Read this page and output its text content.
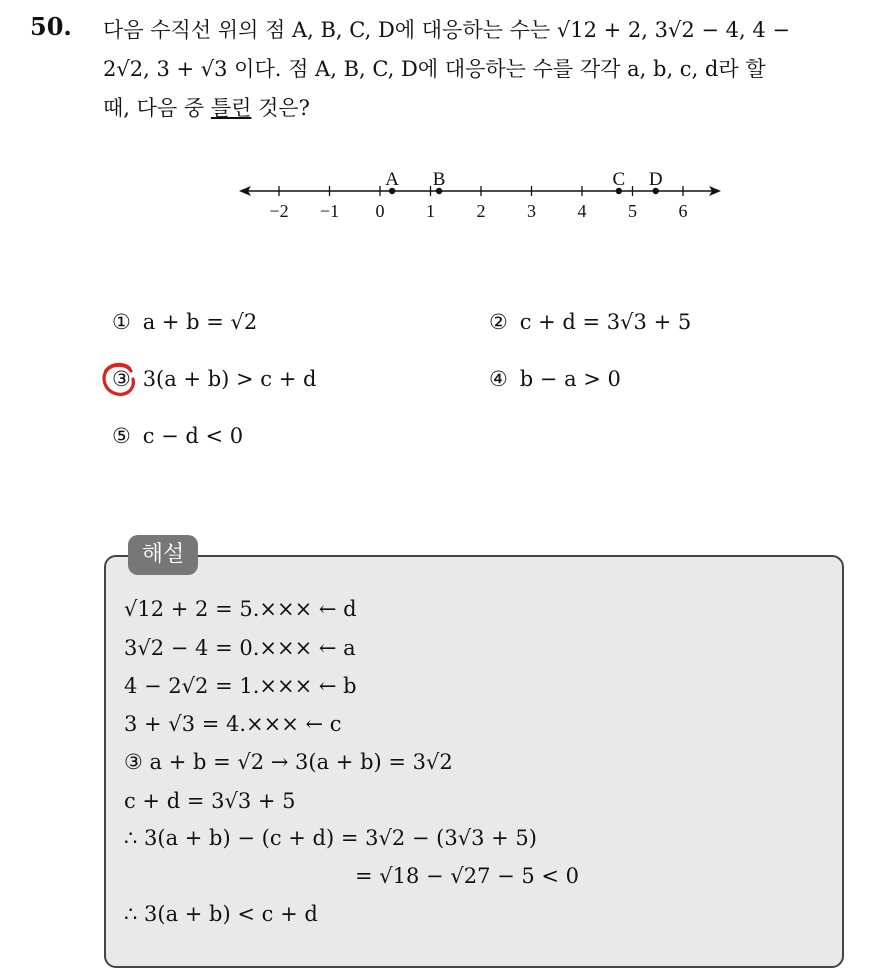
50. 다음 수직선 위의 점 A, B, C, D에 대응하는 수는 √12 + 2, 3√2 − 4, 4 −
2√2, 3 + √3 이다. 점 A, B, C, D에 대응하는 수를 각각 a, b, c, d라 할
때, 다음 중 틀린 것은?
−2 −1 0 1 2 3 4 5 6
A B	C D
① a + b = √2	② c + d = 3√3 + 5
③ 3(a + b) > c + d	④ b − a > 0
⑤ c − d < 0
해설
√12 + 2 = 5.××× ← d
3√2 − 4 = 0.××× ← a
4 − 2√2 = 1.××× ← b
3 + √3 = 4.××× ← c
③ a + b = √2 → 3(a + b) = 3√2
c + d = 3√3 + 5
∴ 3(a + b) − (c + d) = 3√2 − (3√3 + 5)
= √18 − √27 − 5 < 0
∴ 3(a + b) < c + d
